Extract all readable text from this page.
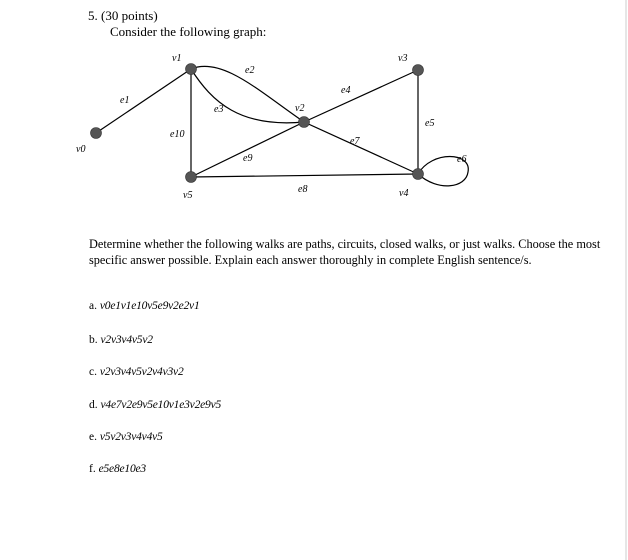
5. (30 points)
Consider the following graph:
v0
v1
v2
v3
v4
v5
e1
e2
e3
e4
e5
e6
e7
e8
e9
e10

Determine whether the following walks are paths, circuits, closed walks, or just walks. Choose the most specific answer possible. Explain each answer thoroughly in complete English sentence/s.

a. v0e1v1e10v5e9v2e2v1
b. v2v3v4v5v2
c. v2v3v4v5v2v4v3v2
d. v4e7v2e9v5e10v1e3v2e9v5
e. v5v2v3v4v4v5
f. e5e8e10e3
